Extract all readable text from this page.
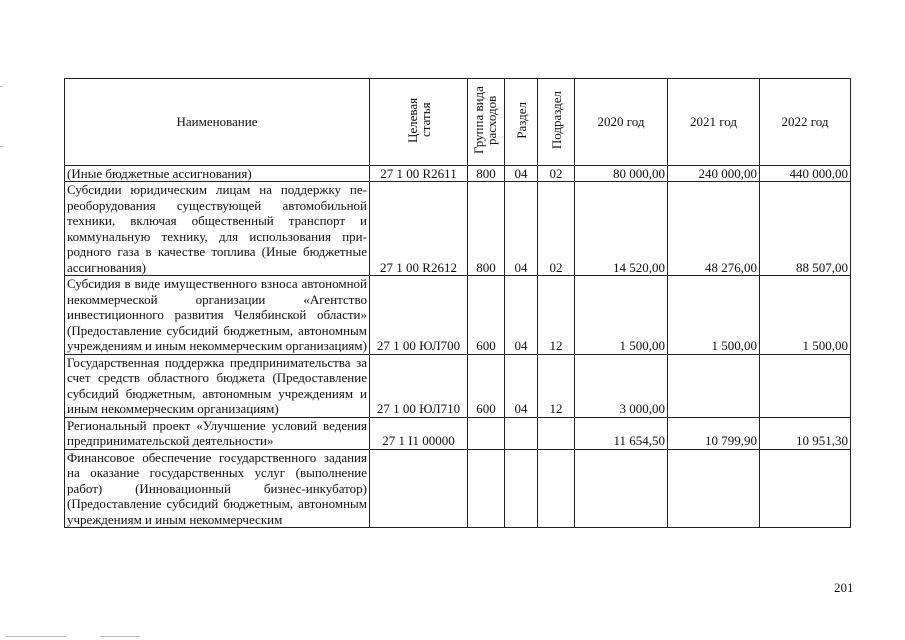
Наименование	Целевая статья	Группа вида расходов	Раздел	Подраздел	2020 год	2021 год	2022 год
(Иные бюджетные ассигнования)	27 1 00 R2611	800	04	02	80 000,00	240 000,00	440 000,00
Субсидии юридическим лицам на поддержку переоборудования существующей автомобильной техники, включая общественный транспорт и коммунальную технику, для использования природного газа в качестве топлива (Иные бюджетные ассигнования)	27 1 00 R2612	800	04	02	14 520,00	48 276,00	88 507,00
Субсидия в виде имущественного взноса автономной некоммерческой организации «Агентство инвестиционного развития Челябинской области» (Предоставление субсидий бюджетным, автономным учреждениям и иным некоммерческим организациям)	27 1 00 ЮЛ700	600	04	12	1 500,00	1 500,00	1 500,00
Государственная поддержка предпринимательства за счет средств областного бюджета (Предоставление субсидий бюджетным, автономным учреждениям и иным некоммерческим организациям)	27 1 00 ЮЛ710	600	04	12	3 000,00		
Региональный проект «Улучшение условий ведения предпринимательской деятельности»	27 1 I1 00000				11 654,50	10 799,90	10 951,30
Финансовое обеспечение государственного задания на оказание государственных услуг (выполнение работ) (Инновационный бизнес-инкубатор) (Предоставление субсидий бюджетным, автономным учреждениям и иным некоммерческим							
201
